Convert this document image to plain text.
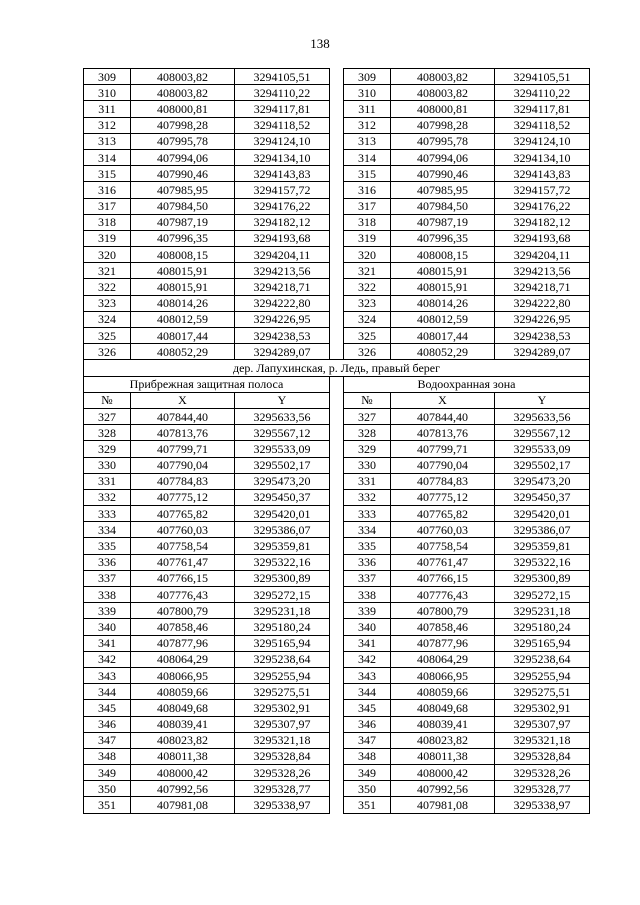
138
309	408003,82	3294105,51		309	408003,82	3294105,51
310	408003,82	3294110,22		310	408003,82	3294110,22
311	408000,81	3294117,81		311	408000,81	3294117,81
312	407998,28	3294118,52		312	407998,28	3294118,52
313	407995,78	3294124,10		313	407995,78	3294124,10
314	407994,06	3294134,10		314	407994,06	3294134,10
315	407990,46	3294143,83		315	407990,46	3294143,83
316	407985,95	3294157,72		316	407985,95	3294157,72
317	407984,50	3294176,22		317	407984,50	3294176,22
318	407987,19	3294182,12		318	407987,19	3294182,12
319	407996,35	3294193,68		319	407996,35	3294193,68
320	408008,15	3294204,11		320	408008,15	3294204,11
321	408015,91	3294213,56		321	408015,91	3294213,56
322	408015,91	3294218,71		322	408015,91	3294218,71
323	408014,26	3294222,80		323	408014,26	3294222,80
324	408012,59	3294226,95		324	408012,59	3294226,95
325	408017,44	3294238,53		325	408017,44	3294238,53
326	408052,29	3294289,07		326	408052,29	3294289,07
дер. Лапухинская, р. Ледь, правый берег						
Прибрежная защитная полоса				Водоохранная зона		
№	X	Y		№	X	Y
327	407844,40	3295633,56		327	407844,40	3295633,56
328	407813,76	3295567,12		328	407813,76	3295567,12
329	407799,71	3295533,09		329	407799,71	3295533,09
330	407790,04	3295502,17		330	407790,04	3295502,17
331	407784,83	3295473,20		331	407784,83	3295473,20
332	407775,12	3295450,37		332	407775,12	3295450,37
333	407765,82	3295420,01		333	407765,82	3295420,01
334	407760,03	3295386,07		334	407760,03	3295386,07
335	407758,54	3295359,81		335	407758,54	3295359,81
336	407761,47	3295322,16		336	407761,47	3295322,16
337	407766,15	3295300,89		337	407766,15	3295300,89
338	407776,43	3295272,15		338	407776,43	3295272,15
339	407800,79	3295231,18		339	407800,79	3295231,18
340	407858,46	3295180,24		340	407858,46	3295180,24
341	407877,96	3295165,94		341	407877,96	3295165,94
342	408064,29	3295238,64		342	408064,29	3295238,64
343	408066,95	3295255,94		343	408066,95	3295255,94
344	408059,66	3295275,51		344	408059,66	3295275,51
345	408049,68	3295302,91		345	408049,68	3295302,91
346	408039,41	3295307,97		346	408039,41	3295307,97
347	408023,82	3295321,18		347	408023,82	3295321,18
348	408011,38	3295328,84		348	408011,38	3295328,84
349	408000,42	3295328,26		349	408000,42	3295328,26
350	407992,56	3295328,77		350	407992,56	3295328,77
351	407981,08	3295338,97		351	407981,08	3295338,97
